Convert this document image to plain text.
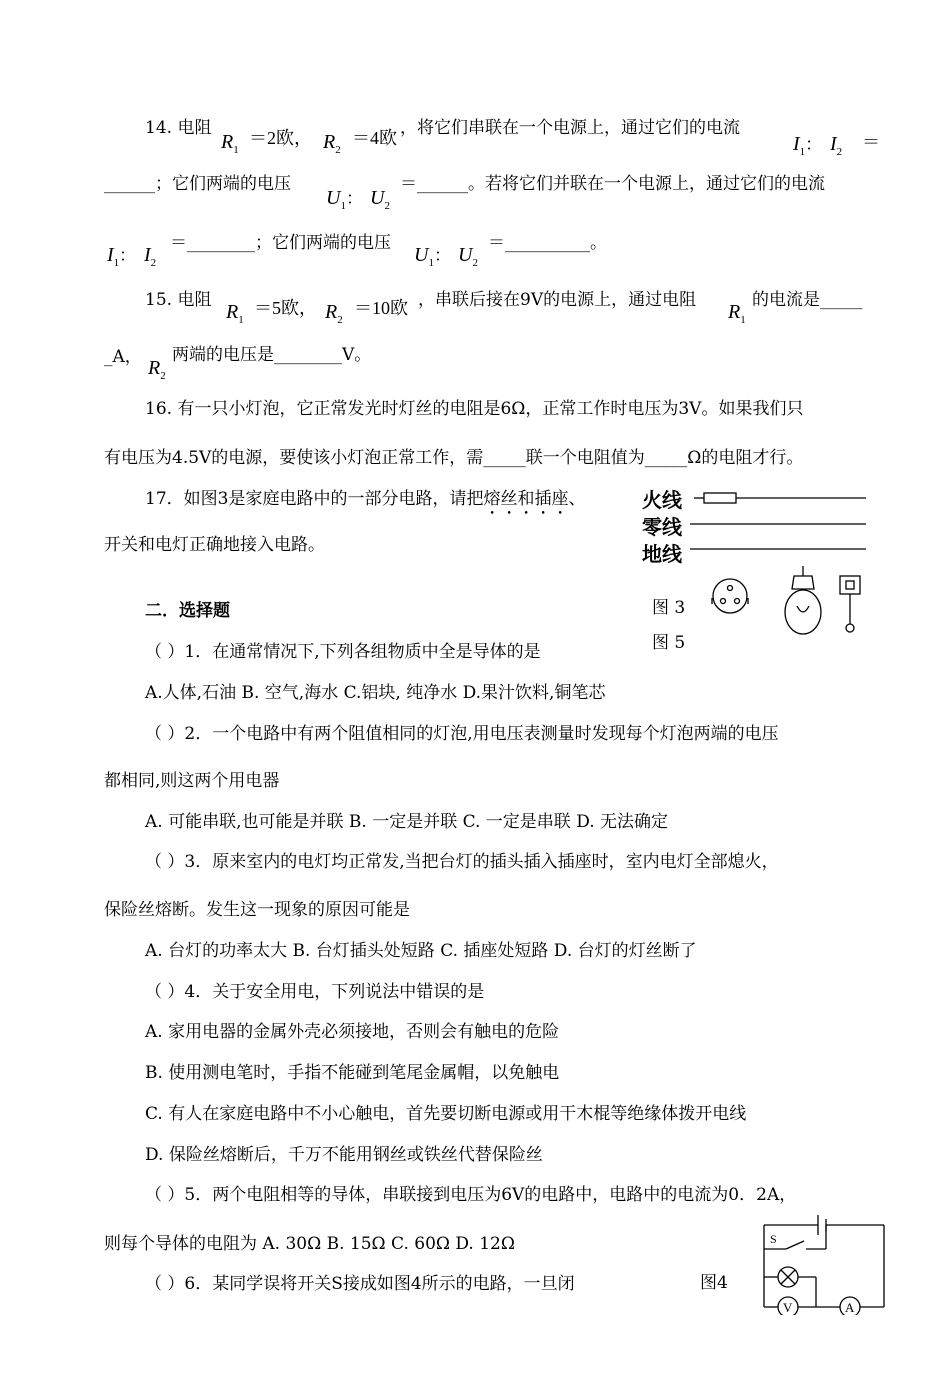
14. 电阻
$R_1$
＝2欧， $R_2$
＝4欧 ，将它们串联在一个电源上，通过它们的电流
$I_1$： $I_2$ ＝
______；它们两端的电压
$U_1$： $U_2$
＝______。若将它们并联在一个电源上，通过它们的电流
$I_1$： $I_2$
＝________；它们两端的电压
$U_1$： $U_2$
＝__________。
15. 电阻
$R_1$
＝5欧， $R_2$
＝10欧 ，串联后接在9V的电源上，通过电阻
$R_1$
的电流是_____
_A， $R_2$
两端的电压是________V。
16. 有一只小灯泡，它正常发光时灯丝的电阻是6Ω，正常工作时电压为3V。如果我们只
有电压为4.5V的电源，要使该小灯泡正常工作，需_____联一个电阻值为_____Ω的电阻才行。
17．如图3是家庭电路中的一部分电路，请把熔丝和插座、
开关和电灯正确地接入电路。
火线
零线
地线
图 3
图 5
二．选择题
（ ）1．在通常情况下,下列各组物质中全是导体的是
A.人体,石油 B. 空气,海水 C.铝块, 纯净水 D.果汁饮料,铜笔芯
（ ）2．一个电路中有两个阻值相同的灯泡,用电压表测量时发现每个灯泡两端的电压
都相同,则这两个用电器
A. 可能串联,也可能是并联 B. 一定是并联 C. 一定是串联 D. 无法确定
（ ）3．原来室内的电灯均正常发,当把台灯的插头插入插座时，室内电灯全部熄火，
保险丝熔断。发生这一现象的原因可能是
A. 台灯的功率太大 B. 台灯插头处短路 C. 插座处短路 D. 台灯的灯丝断了
（ ）4．关于安全用电，下列说法中错误的是
A. 家用电器的金属外壳必须接地，否则会有触电的危险
B. 使用测电笔时，手指不能碰到笔尾金属帽，以免触电
C. 有人在家庭电路中不小心触电，首先要切断电源或用干木棍等绝缘体拨开电线
D. 保险丝熔断后，千万不能用钢丝或铁丝代替保险丝
（ ）5．两个电阻相等的导体，串联接到电压为6V的电路中，电路中的电流为0．2A，
则每个导体的电阻为 A. 30Ω B. 15Ω C. 60Ω D. 12Ω
（ ）6．某同学误将开关S接成如图4所示的电路，一旦闭	图4
S
V	A
